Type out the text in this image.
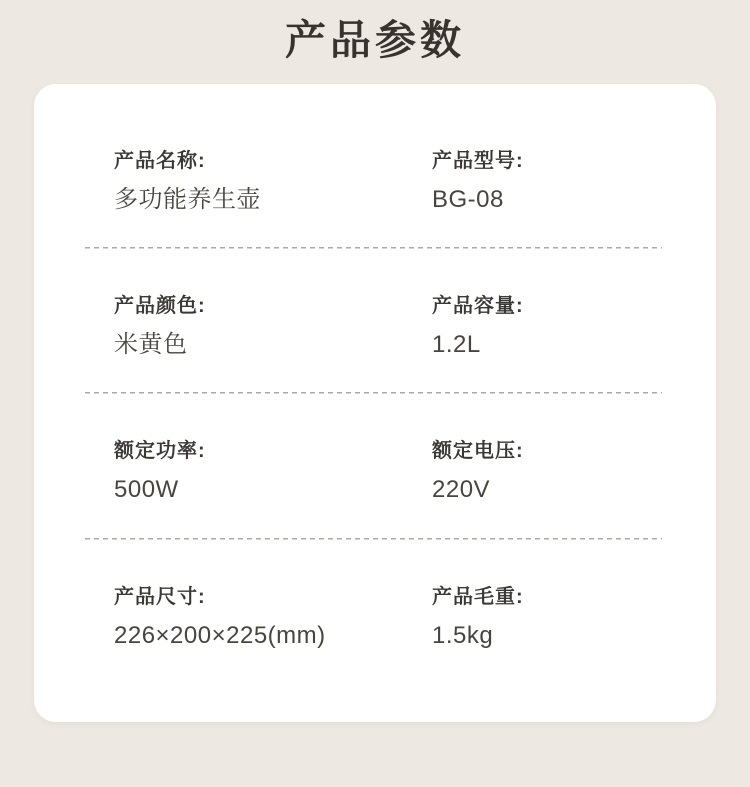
产品参数
产品名称:
多功能养生壶
产品型号:
BG-08
产品颜色:
米黄色
产品容量:
1.2L
额定功率:
500W
额定电压:
220V
产品尺寸:
226×200×225(mm)
产品毛重:
1.5kg
